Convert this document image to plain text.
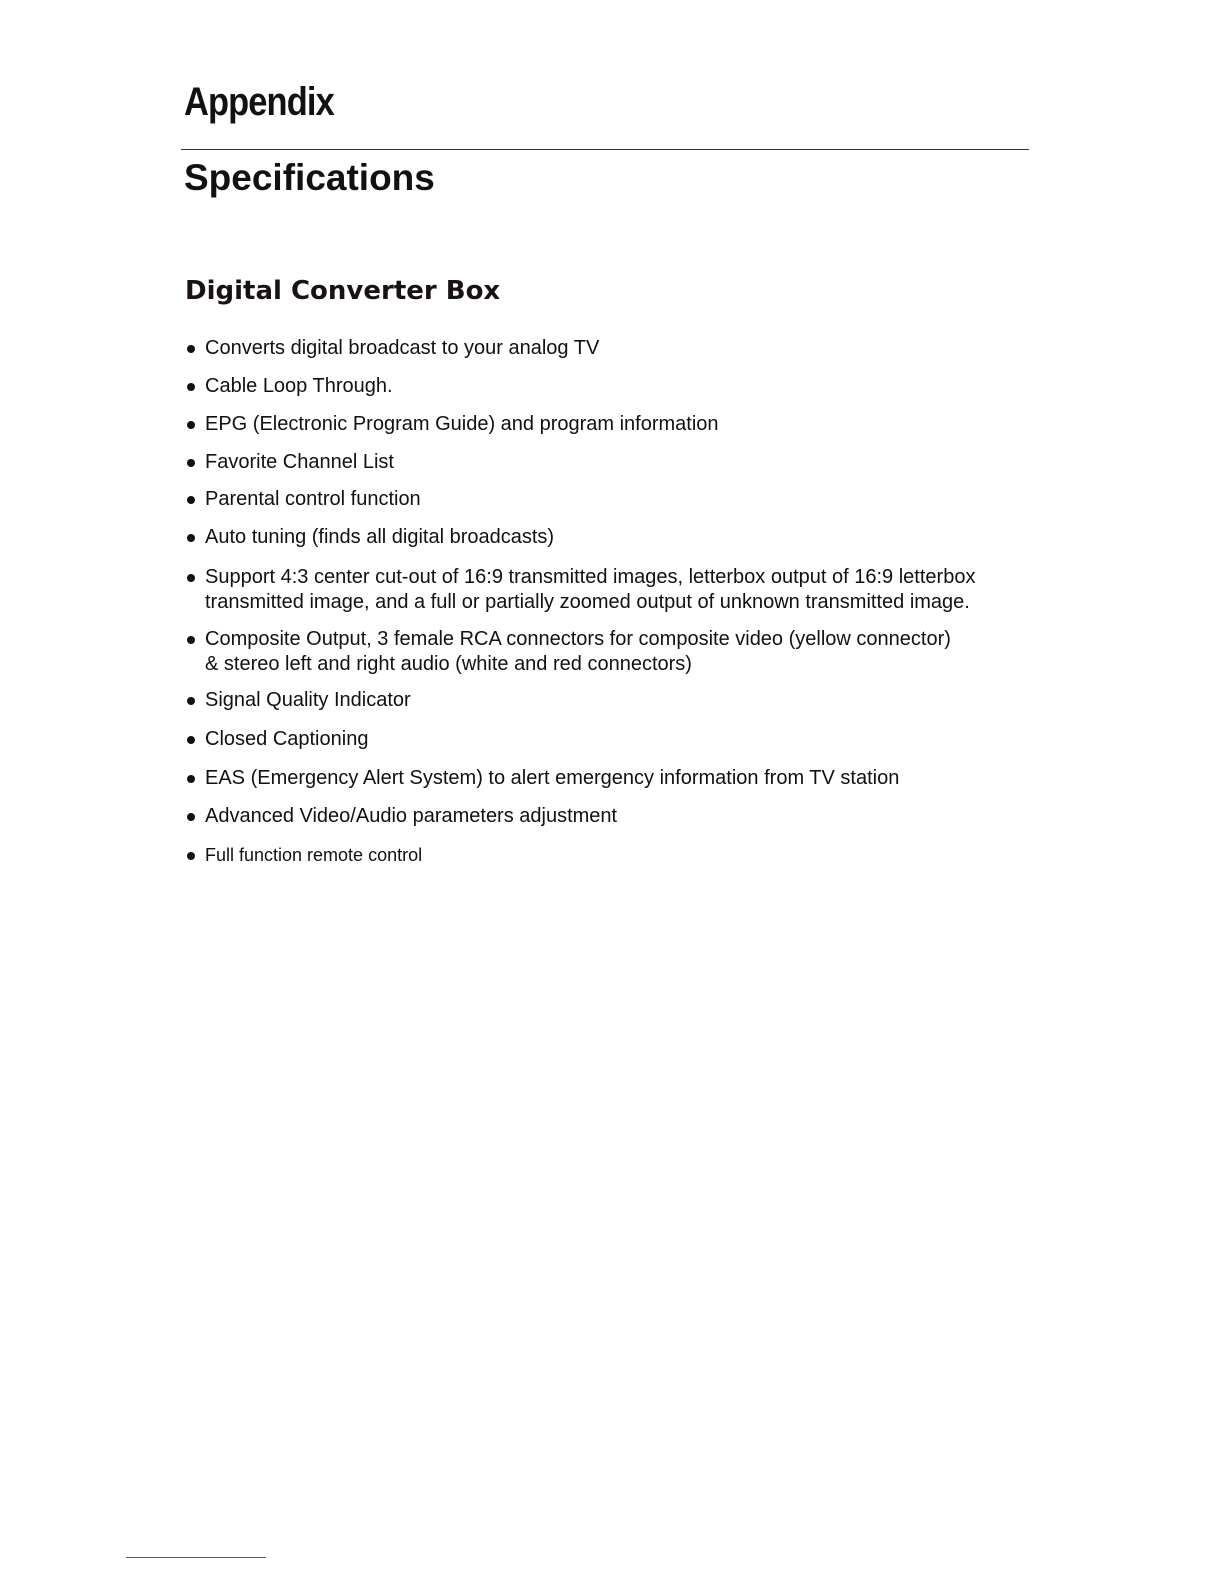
Appendix
Specifications
Digital Converter Box
Converts digital broadcast to your analog TV
Cable Loop Through.
EPG (Electronic Program Guide) and program information
Favorite Channel List
Parental control function
Auto tuning (finds all digital broadcasts)
Support 4:3 center cut-out of 16:9 transmitted images, letterbox output of 16:9 letterbox
transmitted image, and a full or partially zoomed output of unknown transmitted image.
Composite Output, 3 female RCA connectors for composite video (yellow connector)
& stereo left and right audio (white and red connectors)
Signal Quality Indicator
Closed Captioning
EAS (Emergency Alert System) to alert emergency information from TV station
Advanced Video/Audio parameters adjustment
Full function remote control
